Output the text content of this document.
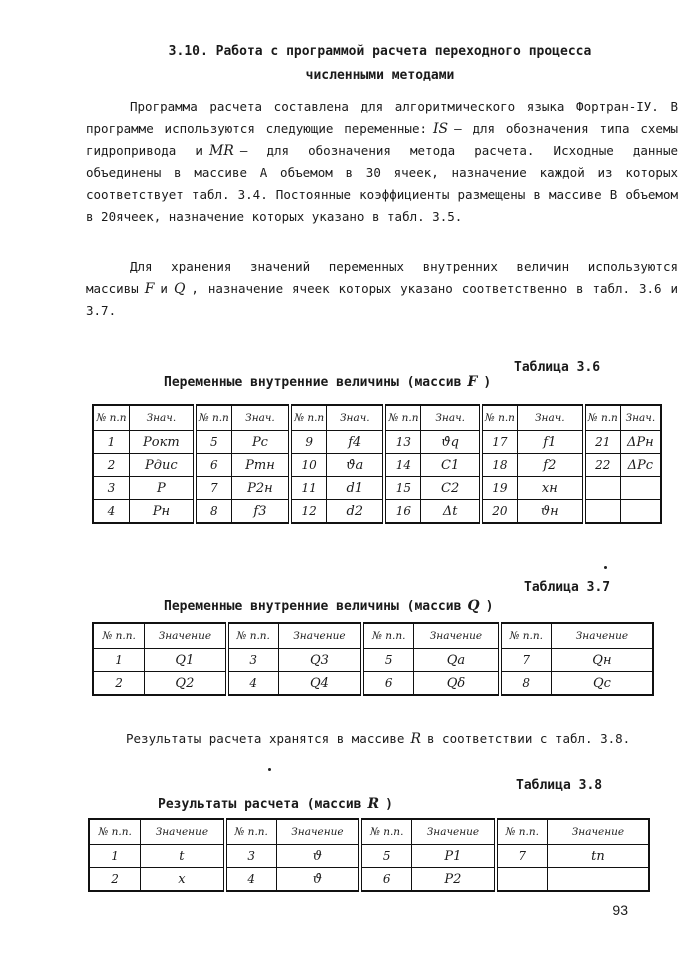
3.10. Работа с программой расчета переходного процесса
численными методами

Программа расчета составлена для алгоритмического языка Фортран-IУ. В программе используются следующие переменные: IS – для обозначения типа схемы гидропривода и MR – для обозначения метода расчета. Исходные данные объединены в массиве А объемом в 30 ячеек, назначение каждой из которых соответствует табл. 3.4. Постоянные коэффициенты размещены в массиве В объемом в 20ячеек, назначение которых указано в табл. 3.5.

Для хранения значений переменных внутренних величин используются массивы F и Q , назначение ячеек которых указано соответственно в табл. 3.6 и 3.7.

Таблица 3.6
Переменные внутренние величины (массив F )
№ п.п	Знач.	№ п.п	Знач.	№ п.п	Знач.	№ п.п	Знач.	№ п.п	Знач.	№ п.п	Знач.
1	Pокт	5	Pc	9	f4	13	ϑ̇q	17	f1	21	ΔPн
2	Pдис	6	Pтн	10	ϑ̇a	14	C1	18	f2	22	ΔPc
3	P	7	P2н	11	d1	15	C2	19	xн		
4	Pн	8	f3	12	d2	16	Δt	20	ϑн		
Таблица 3.7
Переменные внутренние величины (массив Q )
№ п.п.	Значение	№ п.п.	Значение	№ п.п.	Значение	№ п.п.	Значение
1	Q1	3	Q3	5	Qa	7	Qн
2	Q2	4	Q4	6	Qδ	8	Qc

Результаты расчета хранятся в массиве R в соответствии с табл. 3.8.

Таблица 3.8
Результаты расчета (массив R )
№ п.п.	Значение	№ п.п.	Значение	№ п.п.	Значение	№ п.п.	Значение
1	t	3	ϑ	5	P1	7	tп
2	x	4	ϑ̇	6	P2		
93
